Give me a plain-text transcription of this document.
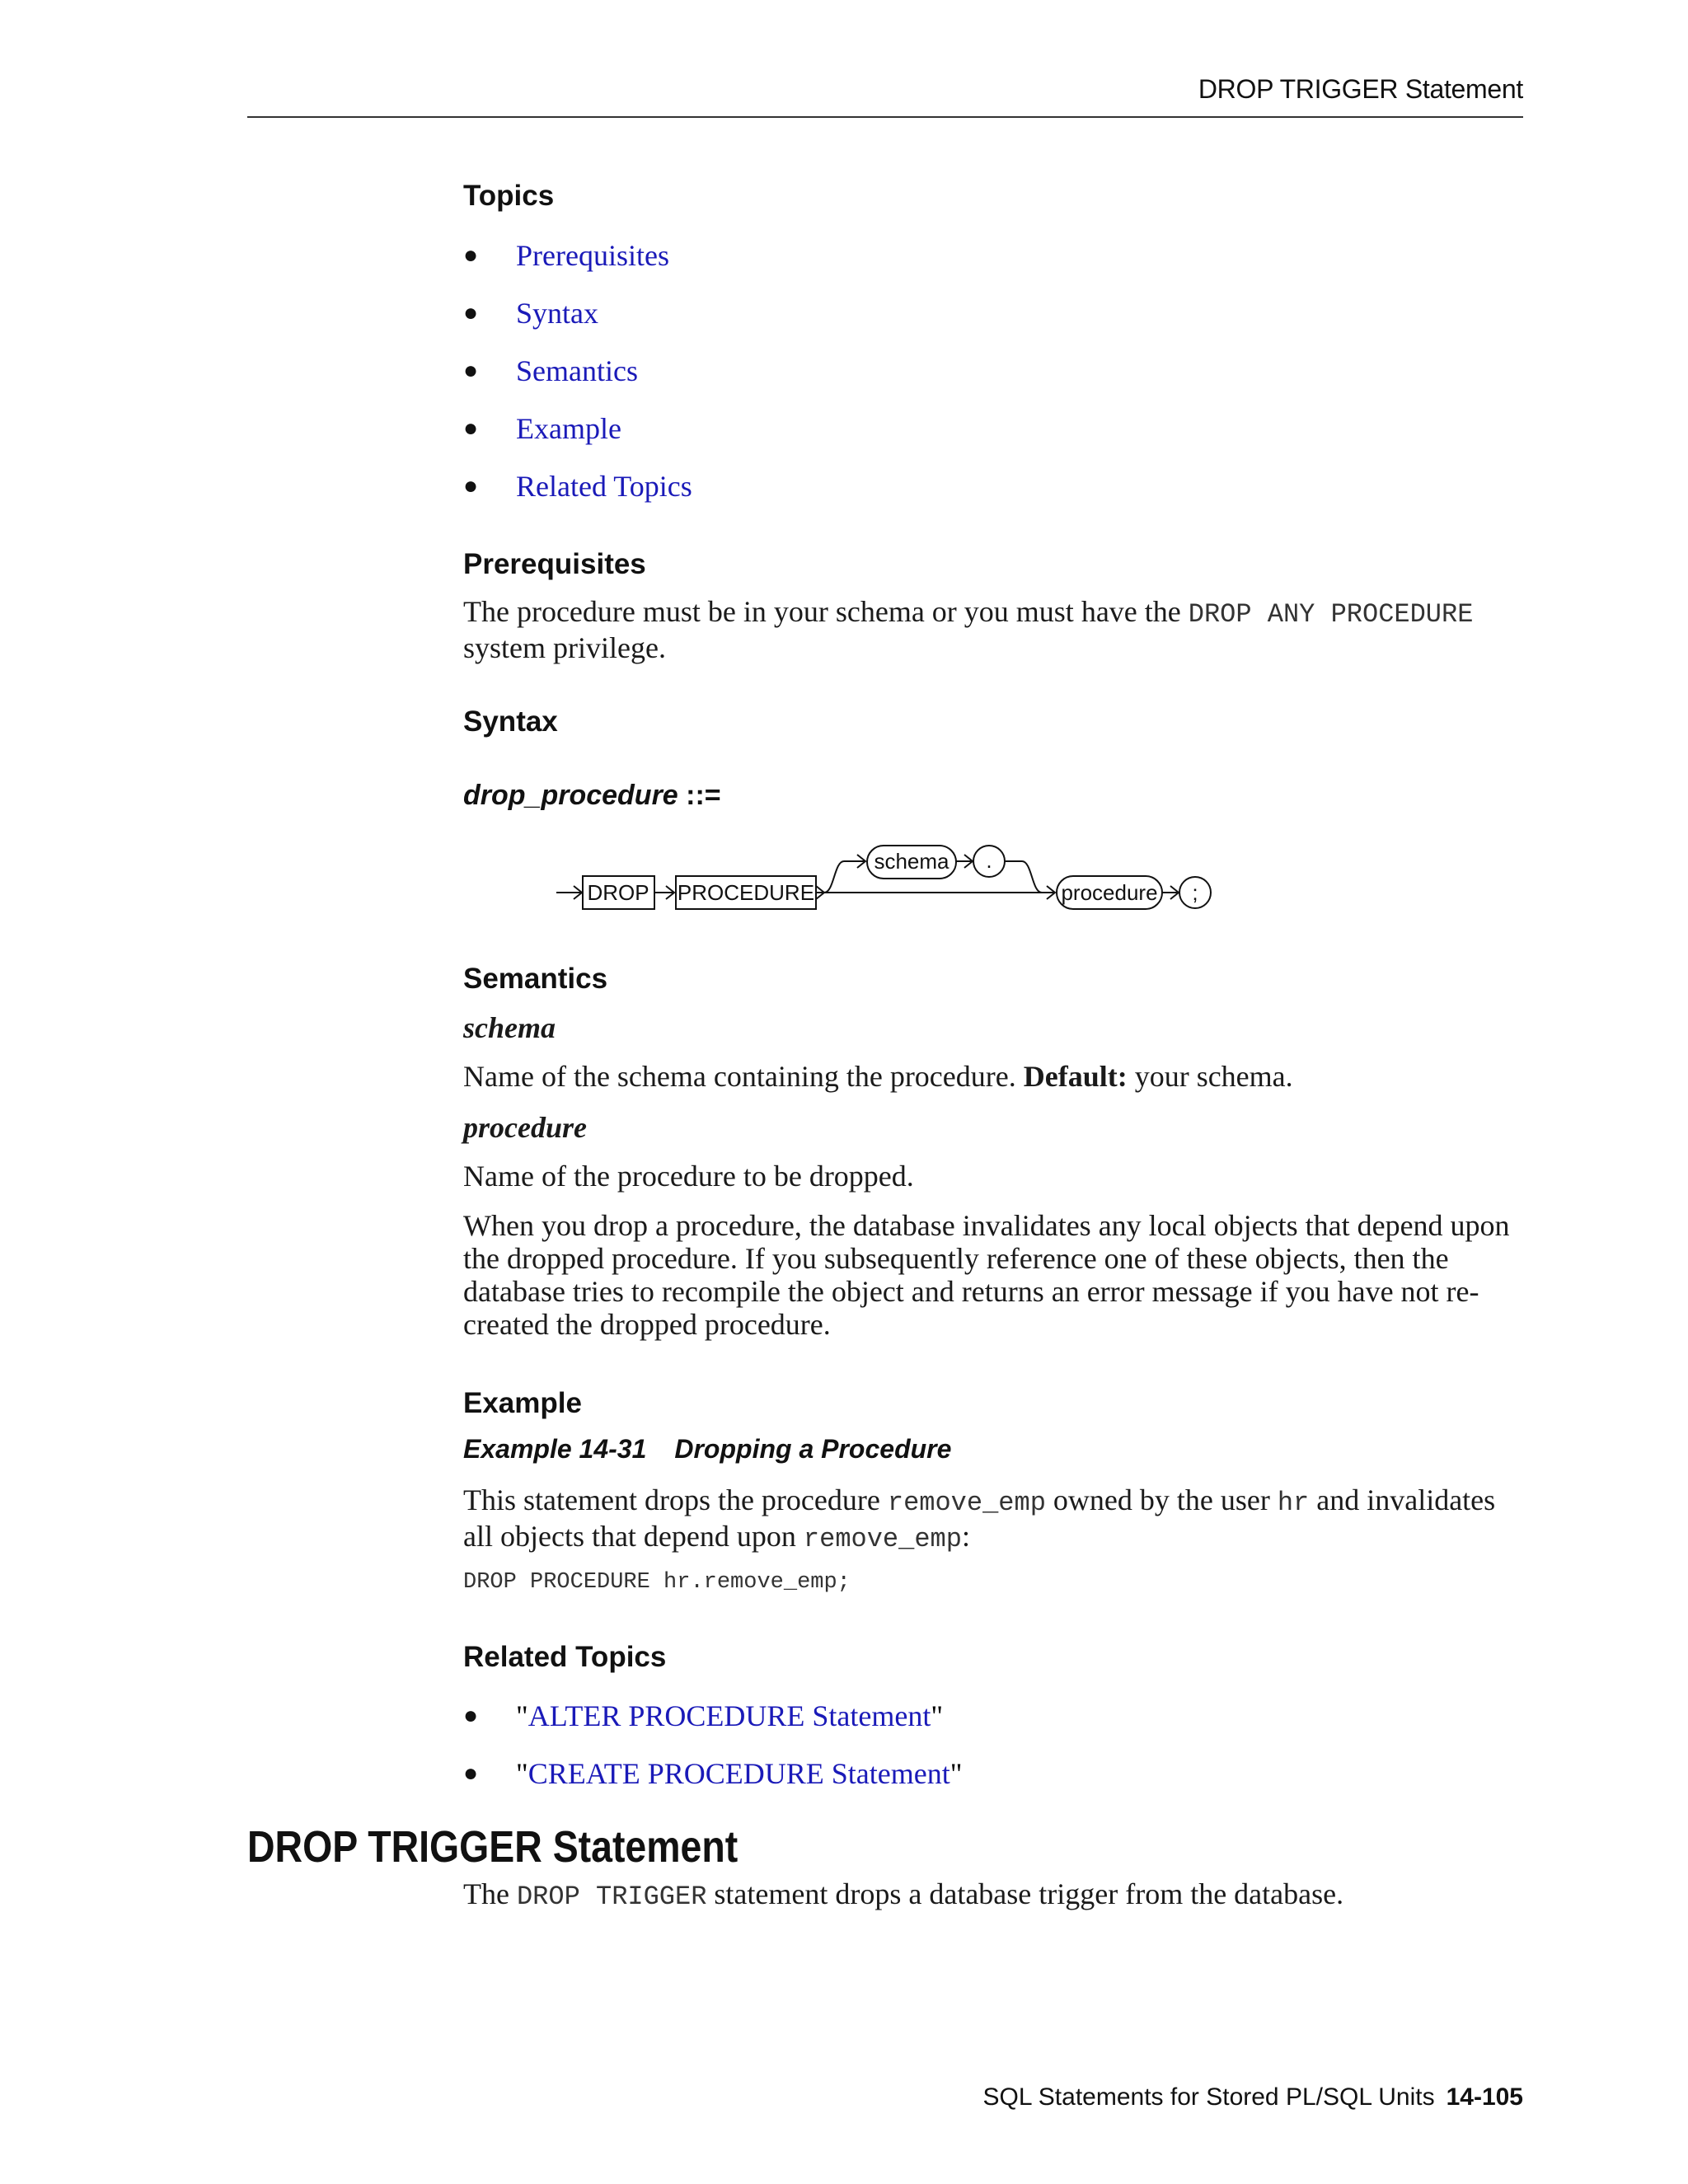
DROP TRIGGER Statement

Topics

● Prerequisites
● Syntax
● Semantics
● Example
● Related Topics

Prerequisites

The procedure must be in your schema or you must have the DROP ANY PROCEDURE
system privilege.

Syntax

drop_procedure ::=
DROP PROCEDURE
schema .
procedure ;

Semantics

schema

Name of the schema containing the procedure. Default: your schema.

procedure

Name of the procedure to be dropped.

When you drop a procedure, the database invalidates any local objects that depend upon the dropped procedure. If you subsequently reference one of these objects, then the database tries to recompile the object and returns an error message if you have not re-created the dropped procedure.

Example

Example 14-31 Dropping a Procedure

This statement drops the procedure remove_emp owned by the user hr and invalidates all objects that depend upon remove_emp:

DROP PROCEDURE hr.remove_emp;

Related Topics

● "ALTER PROCEDURE Statement"
● "CREATE PROCEDURE Statement"
DROP TRIGGER Statement

The DROP TRIGGER statement drops a database trigger from the database.

SQL Statements for Stored PL/SQL Units 14-105
